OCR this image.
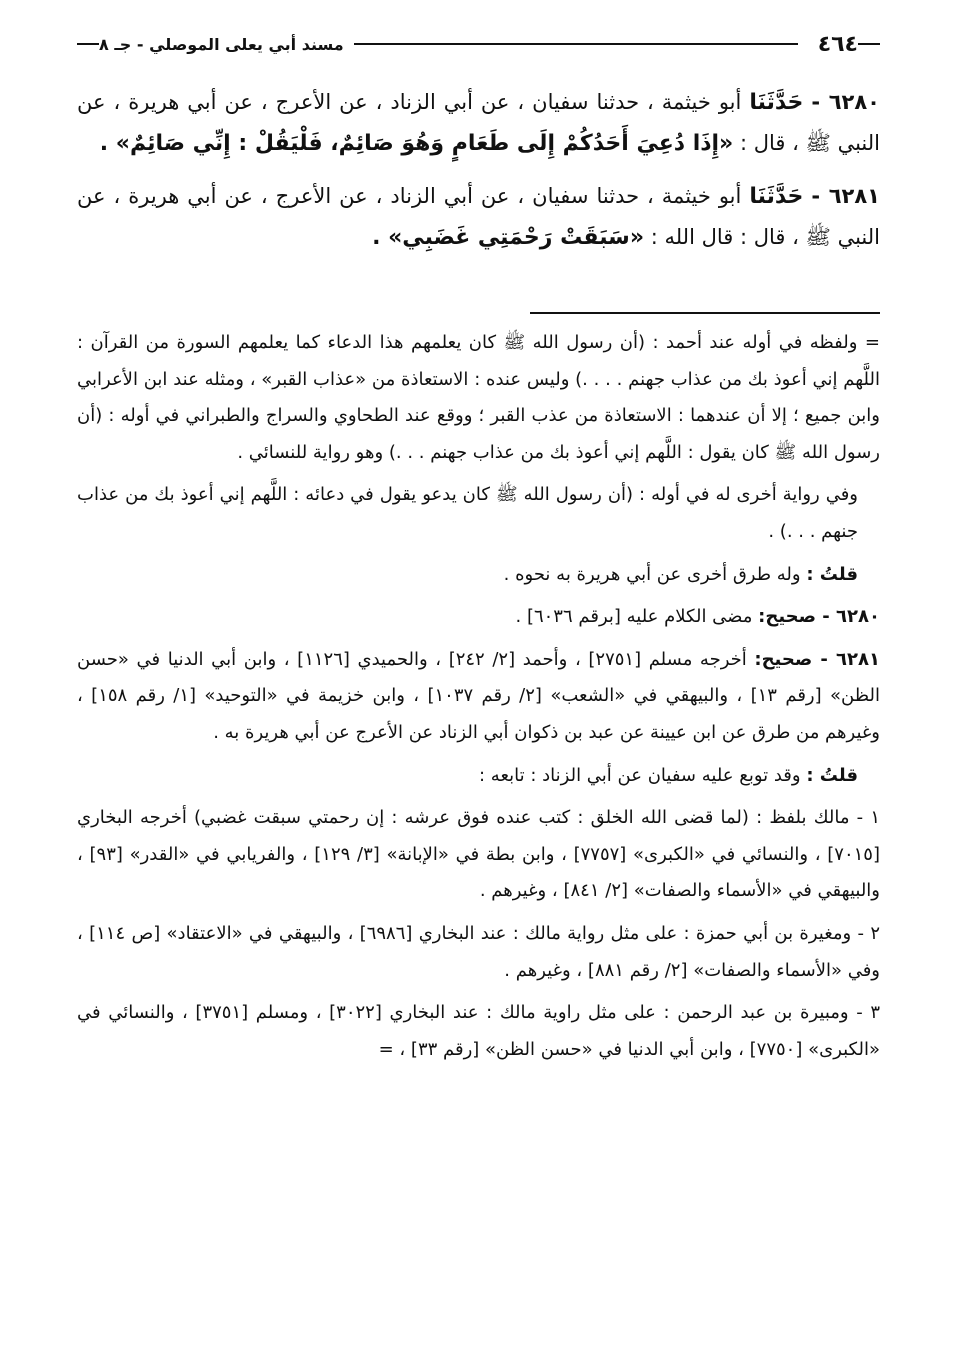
٤٦٤
مسند أبي يعلى الموصلي - جـ ٨

٦٢٨٠ - حَدَّثَنَا أبو خيثمة ، حدثنا سفيان ، عن أبي الزناد ، عن الأعرج ، عن أبي هريرة ، عن النبي ﷺ ، قال : «إِذَا دُعِيَ أَحَدُكُمْ إِلَى طَعَامٍ وَهُوَ صَائِمٌ، فَلْيَقُلْ : إِنِّي صَائِمٌ» .

٦٢٨١ - حَدَّثَنَا أبو خيثمة ، حدثنا سفيان ، عن أبي الزناد ، عن الأعرج ، عن أبي هريرة ، عن النبي ﷺ ، قال : قال الله : «سَبَقَتْ رَحْمَتِي غَضَبِي» .

= ولفظه في أوله عند أحمد : (أن رسول الله ﷺ كان يعلمهم هذا الدعاء كما يعلمهم السورة من القرآن : اللَّهم إني أعوذ بك من عذاب جهنم . . . .) وليس عنده : الاستعاذة من «عذاب القبر» ، ومثله عند ابن الأعرابي وابن جميع ؛ إلا أن عندهما : الاستعاذة من عذب القبر ؛ ووقع عند الطحاوي والسراج والطبراني في أوله : (أن رسول الله ﷺ كان يقول : اللَّهم إني أعوذ بك من عذاب جهنم . . .) وهو رواية للنسائي .

وفي رواية أخرى له في أوله : (أن رسول الله ﷺ كان يدعو يقول في دعائه : اللَّهم إني أعوذ بك من عذاب جنهم . . .) .

قلتُ : وله طرق أخرى عن أبي هريرة به نحوه .

٦٢٨٠ - صحيح: مضى الكلام عليه [برقم ٦٠٣٦] .

٦٢٨١ - صحيح: أخرجه مسلم [٢٧٥١] ، وأحمد [٢/ ٢٤٢] ، والحميدي [١١٢٦] ، وابن أبي الدنيا في «حسن الظن» [رقم ١٣] ، والبيهقي في «الشعب» [٢/ رقم ١٠٣٧] ، وابن خزيمة في «التوحيد» [١/ رقم ١٥٨] ، وغيرهم من طرق عن ابن عيينة عن عبد بن ذكوان أبي الزناد عن الأعرج عن أبي هريرة به .

قلتُ : وقد توبع عليه سفيان عن أبي الزناد : تابعه :

١ - مالك بلفظ : (لما قضى الله الخلق : كتب عنده فوق عرشه : إن رحمتي سبقت غضبي) أخرجه البخاري [٧٠١٥] ، والنسائي في «الكبرى» [٧٧٥٧] ، وابن بطة في «الإبانة» [٣/ ١٢٩] ، والفريابي في «القدر» [٩٣] ، والبيهقي في «الأسماء والصفات» [٢/ ٨٤١] ، وغيرهم .

٢ - ومغيرة بن أبي حمزة : على مثل رواية مالك : عند البخاري [٦٩٨٦] ، والبيهقي في «الاعتقاد» [ص ١١٤] ، وفي «الأسماء والصفات» [٢/ رقم ٨٨١] ، وغيرهم .

٣ - ومبيرة بن عبد الرحمن : على مثل راوية مالك : عند البخاري [٣٠٢٢] ، ومسلم [٣٧٥١] ، والنسائي في «الكبرى» [٧٧٥٠] ، وابن أبي الدنيا في «حسن الظن» [رقم ٣٣] ، =
